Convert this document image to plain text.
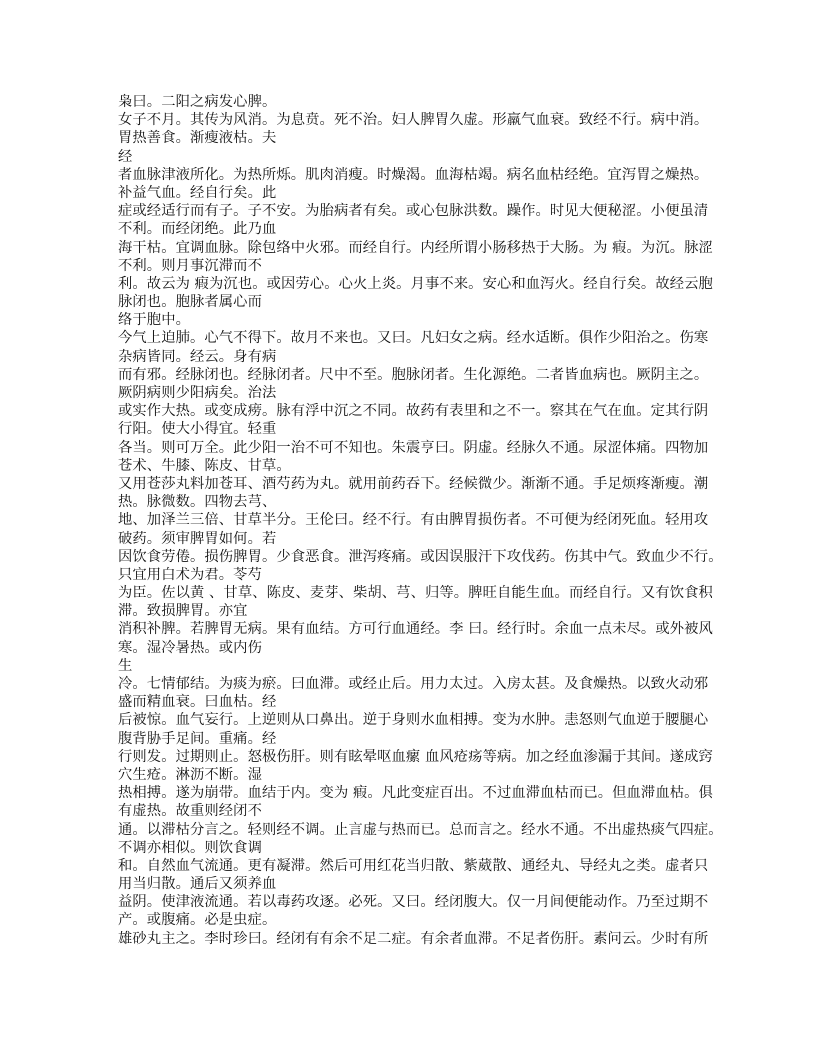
枭曰。二阳之病发心脾。
女子不月。其传为风消。为息贲。死不治。妇人脾胃久虚。形羸气血衰。致经不行。病中消。
胃热善食。渐瘦液枯。夫
经
者血脉津液所化。为热所烁。肌肉消瘦。时燥渴。血海枯竭。病名血枯经绝。宜泻胃之燥热。
补益气血。经自行矣。此
症或经适行而有子。子不安。为胎病者有矣。或心包脉洪数。躁作。时见大便秘涩。小便虽清
不利。而经闭绝。此乃血
海干枯。宜调血脉。除包络中火邪。而经自行。内经所谓小肠移热于大肠。为 瘕。为沉。脉涩
不利。则月事沉滞而不
利。故云为 瘕为沉也。或因劳心。心火上炎。月事不来。安心和血泻火。经自行矣。故经云胞
脉闭也。胞脉者属心而
络于胞中。
今气上迫肺。心气不得下。故月不来也。又曰。凡妇女之病。经水适断。俱作少阳治之。伤寒
杂病皆同。经云。身有病
而有邪。经脉闭也。经脉闭者。尺中不至。胞脉闭者。生化源绝。二者皆血病也。厥阴主之。
厥阴病则少阳病矣。治法
或实作大热。或变成痨。脉有浮中沉之不同。故药有表里和之不一。察其在气在血。定其行阴
行阳。使大小得宜。轻重
各当。则可万全。此少阳一治不可不知也。朱震亨曰。阴虚。经脉久不通。尿涩体痛。四物加
苍术、牛膝、陈皮、甘草。
又用苍莎丸料加苍耳、酒芍药为丸。就用前药吞下。经候微少。渐渐不通。手足烦疼渐瘦。潮
热。脉微数。四物去芎、
地、加泽兰三倍、甘草半分。王伦曰。经不行。有由脾胃损伤者。不可便为经闭死血。轻用攻
破药。须审脾胃如何。若
因饮食劳倦。损伤脾胃。少食恶食。泄泻疼痛。或因误服汗下攻伐药。伤其中气。致血少不行。
只宜用白术为君。苓芍
为臣。佐以黄 、甘草、陈皮、麦芽、柴胡、芎、归等。脾旺自能生血。而经自行。又有饮食积
滞。致损脾胃。亦宜
消积补脾。若脾胃无病。果有血结。方可行血通经。李 曰。经行时。余血一点未尽。或外被风
寒。湿冷暑热。或内伤
生
冷。七情郁结。为痰为瘀。曰血滞。或经止后。用力太过。入房太甚。及食燥热。以致火动邪
盛而精血衰。曰血枯。经
后被惊。血气妄行。上逆则从口鼻出。逆于身则水血相搏。变为水肿。恚怒则气血逆于腰腿心
腹背胁手足间。重痛。经
行则发。过期则止。怒极伤肝。则有眩晕呕血瘰 血风疮疡等病。加之经血渗漏于其间。遂成窍
穴生疮。淋沥不断。湿
热相搏。遂为崩带。血结于内。变为 瘕。凡此变症百出。不过血滞血枯而已。但血滞血枯。俱
有虚热。故重则经闭不
通。以滞枯分言之。轻则经不调。止言虚与热而已。总而言之。经水不通。不出虚热痰气四症。
不调亦相似。则饮食调
和。自然血气流通。更有凝滞。然后可用红花当归散、紫葳散、通经丸、导经丸之类。虚者只
用当归散。通后又须养血
益阴。使津液流通。若以毒药攻逐。必死。又曰。经闭腹大。仅一月间便能动作。乃至过期不
产。或腹痛。必是虫症。
雄砂丸主之。李时珍曰。经闭有有余不足二症。有余者血滞。不足者伤肝。素问云。少时有所
